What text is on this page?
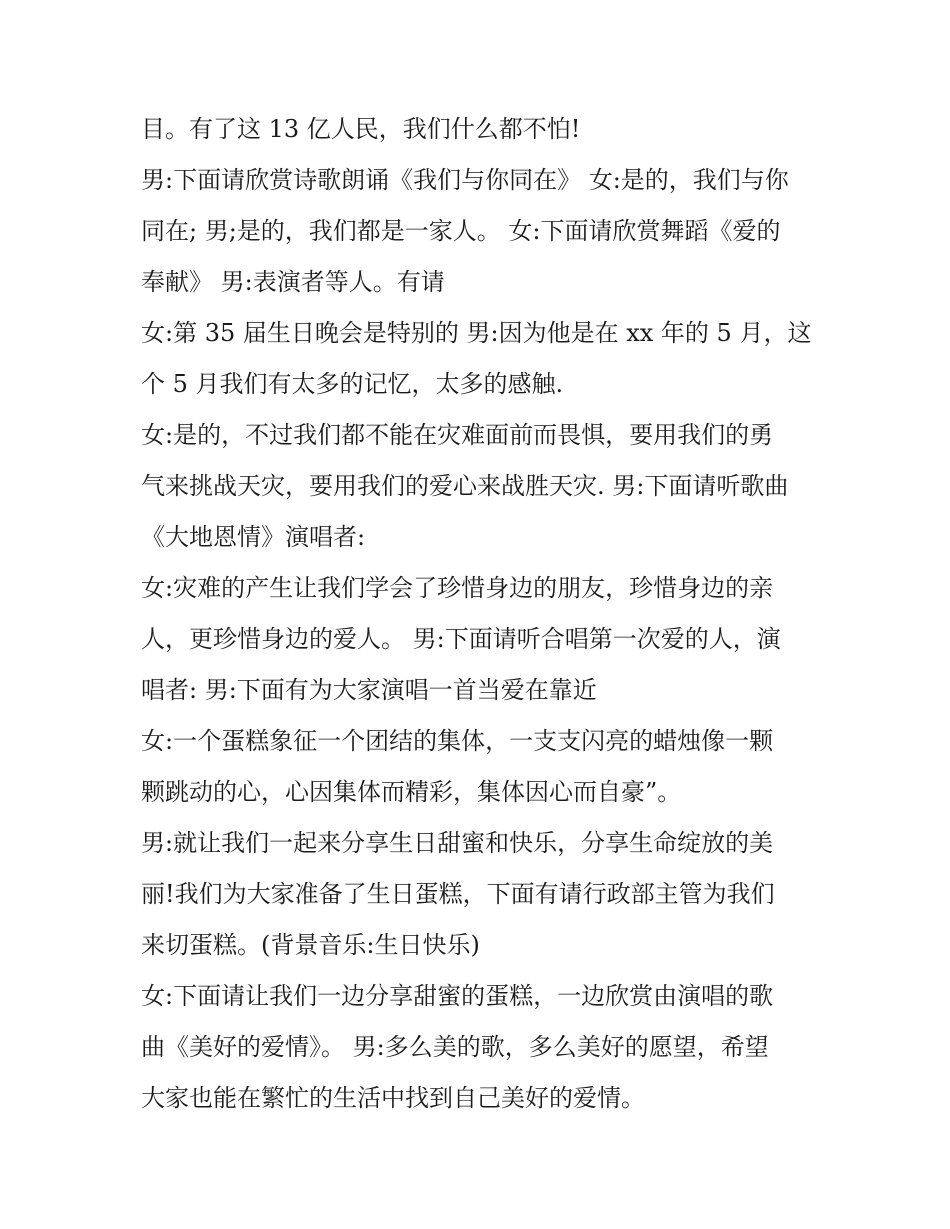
目。有了这 13 亿人民，我们什么都不怕!
男:下面请欣赏诗歌朗诵《我们与你同在》 女:是的，我们与你
同在; 男;是的，我们都是一家人。 女:下面请欣赏舞蹈《爱的
奉献》 男:表演者等人。有请
女:第 35 届生日晚会是特别的 男:因为他是在 xx 年的 5 月，这
个 5 月我们有太多的记忆，太多的感触.
女:是的，不过我们都不能在灾难面前而畏惧，要用我们的勇
气来挑战天灾，要用我们的爱心来战胜天灾. 男:下面请听歌曲
《大地恩情》演唱者:
女:灾难的产生让我们学会了珍惜身边的朋友，珍惜身边的亲
人，更珍惜身边的爱人。 男:下面请听合唱第一次爱的人，演
唱者: 男:下面有为大家演唱一首当爱在靠近
女:一个蛋糕象征一个团结的集体，一支支闪亮的蜡烛像一颗
颗跳动的心，心因集体而精彩，集体因心而自豪”。
男:就让我们一起来分享生日甜蜜和快乐，分享生命绽放的美
丽!我们为大家准备了生日蛋糕，下面有请行政部主管为我们
来切蛋糕。(背景音乐:生日快乐)
女:下面请让我们一边分享甜蜜的蛋糕，一边欣赏由演唱的歌
曲《美好的爱情》。 男:多么美的歌，多么美好的愿望，希望
大家也能在繁忙的生活中找到自己美好的爱情。
